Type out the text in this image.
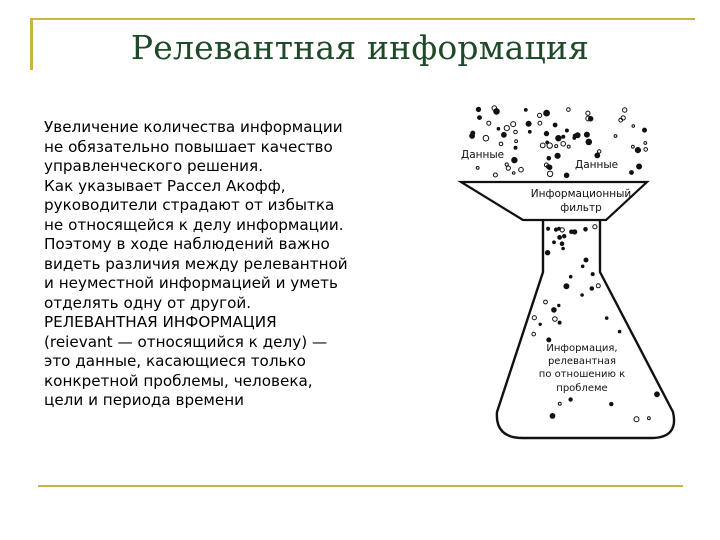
Релевантная информация
Увеличение количества информации
не обязательно повышает качество
управленческого решения.
Как указывает Рассел Акофф,
руководители страдают от избытка
не относящейся к делу информации.
Поэтому в ходе наблюдений важно
видеть различия между релевантной
и неуместной информацией и уметь
отделять одну от другой.
РЕЛЕВАНТНАЯ ИНФОРМАЦИЯ
(reievant — относящийся к делу) —
это данные, касающиеся только
конкретной проблемы, человека,
цели и периода времени
Данные
Данные
Информационный
фильтр
Информация,
релевантная
по отношению к
проблеме
